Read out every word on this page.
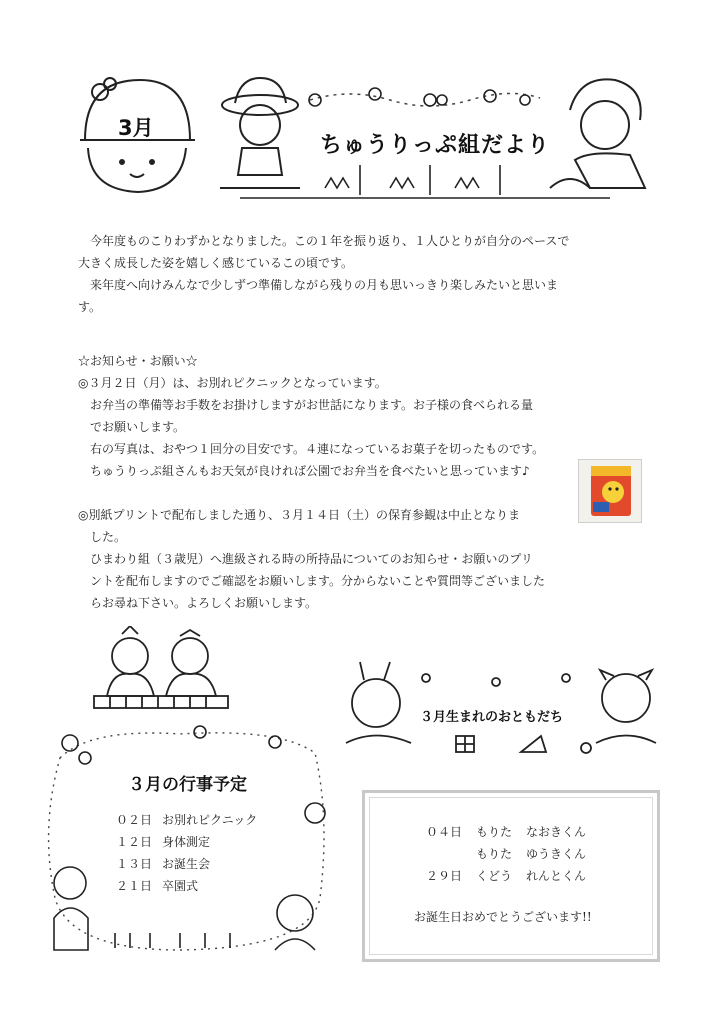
3月
ちゅうりっぷ組だより
今年度ものこりわずかとなりました。この１年を振り返り、１人ひとりが自分のペースで
大きく成長した姿を嬉しく感じているこの頃です。
来年度へ向けみんなで少しずつ準備しながら残りの月も思いっきり楽しみたいと思いま
す。
☆お知らせ・お願い☆
◎３月２日（月）は、お別れピクニックとなっています。
お弁当の準備等お手数をお掛けしますがお世話になります。お子様の食べられる量
でお願いします。
右の写真は、おやつ１回分の目安です。４連になっているお菓子を切ったものです。
ちゅうりっぷ組さんもお天気が良ければ公園でお弁当を食べたいと思っています♪
◎別紙プリントで配布しました通り、３月１４日（土）の保育参観は中止となりま
した。
ひまわり組（３歳児）へ進級される時の所持品についてのお知らせ・お願いのプリ
ントを配布しますのでご確認をお願いします。分からないことや質問等ございました
らお尋ね下さい。よろしくお願いします。
３月の行事予定
０２日 お別れピクニック
１２日 身体測定
１３日 お誕生会
２１日 卒園式
３月生まれのおともだち
０４日 もりた なおきくん
もりた ゆうきくん
２９日 くどう れんとくん
お誕生日おめでとうございます!!
